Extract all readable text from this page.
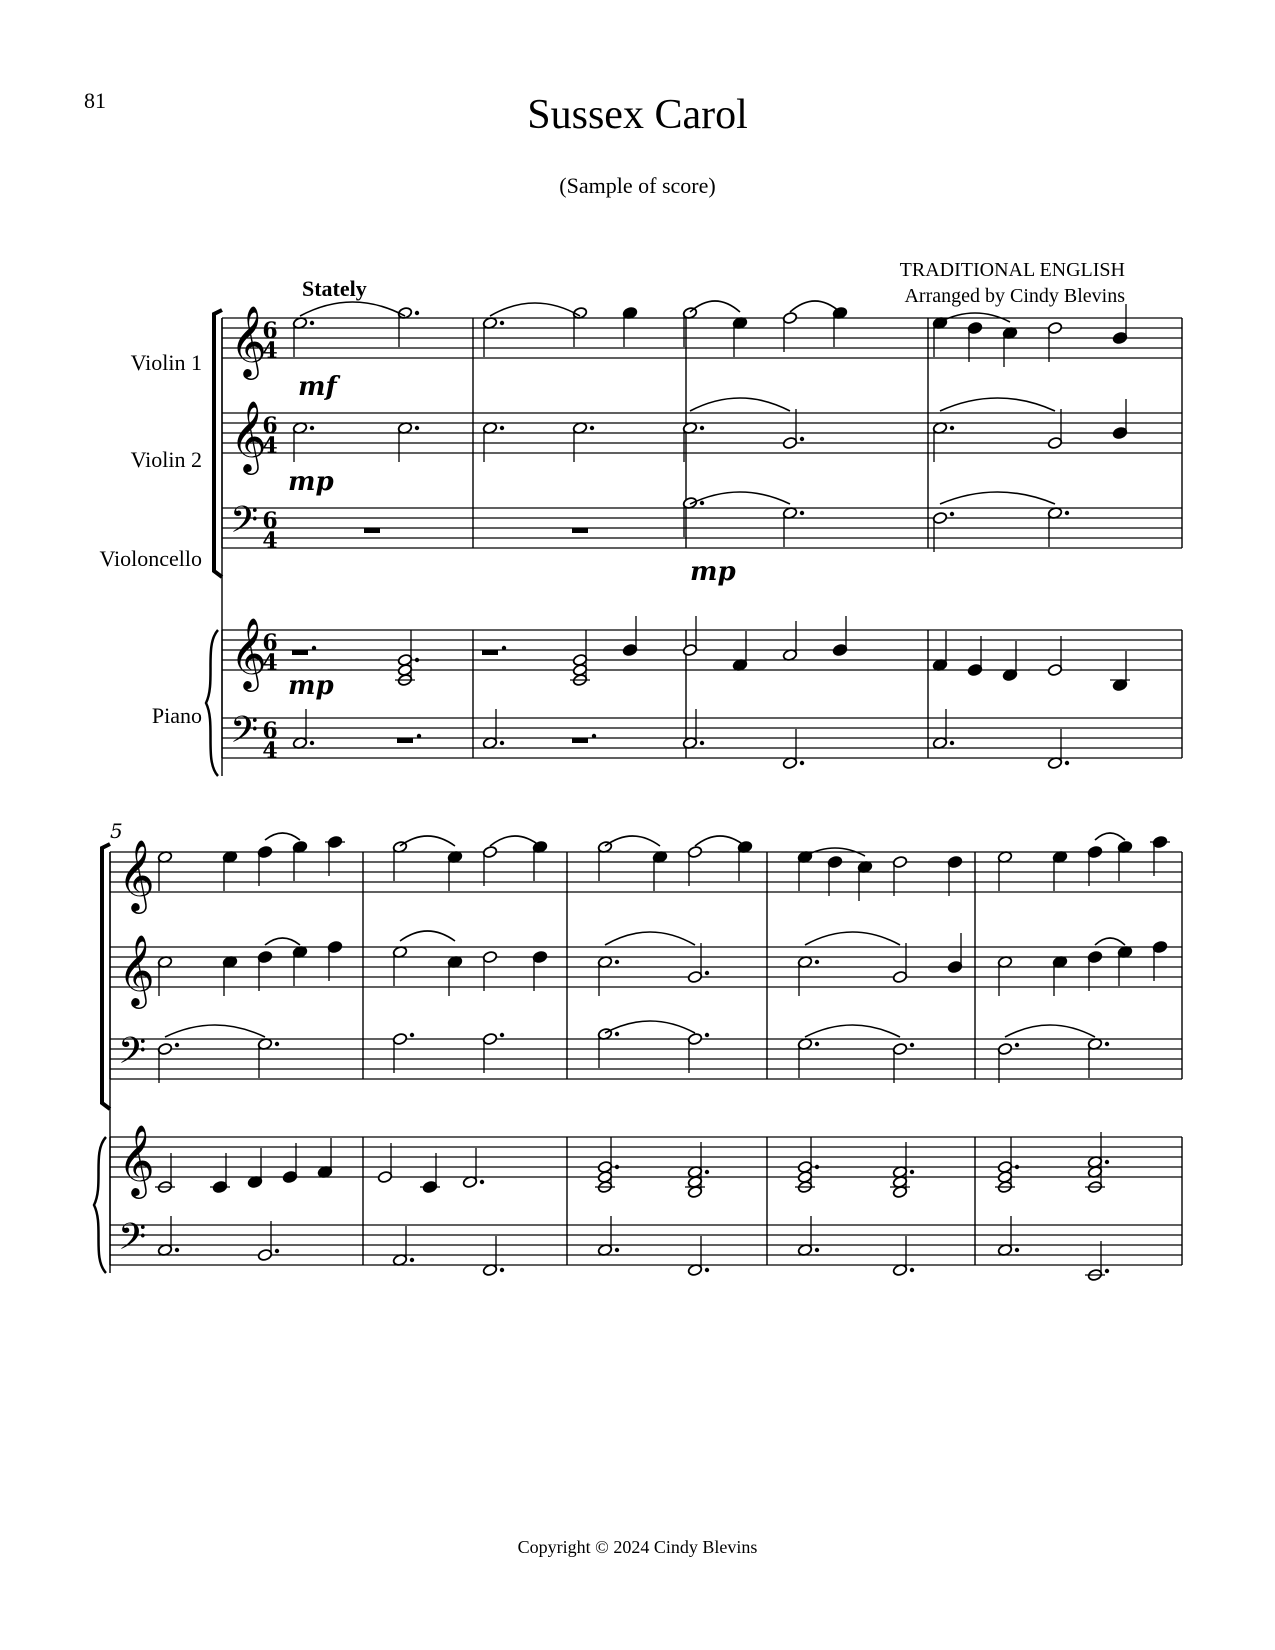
81	Sussex Carol
(Sample of score)
TRADITIONAL ENGLISH
Arranged by Cindy Blevins
Stately
Violin 1
Violin 2
Violoncello
Piano
Copyright © 2024 Cindy Blevins
𝄞
𝄞
𝄢
𝄞
𝄢
𝄞
𝄞
𝄢
𝄞
𝄢
6
4
6
4
6
4
6
4
6
4
mf
mp
mp
mp
5
